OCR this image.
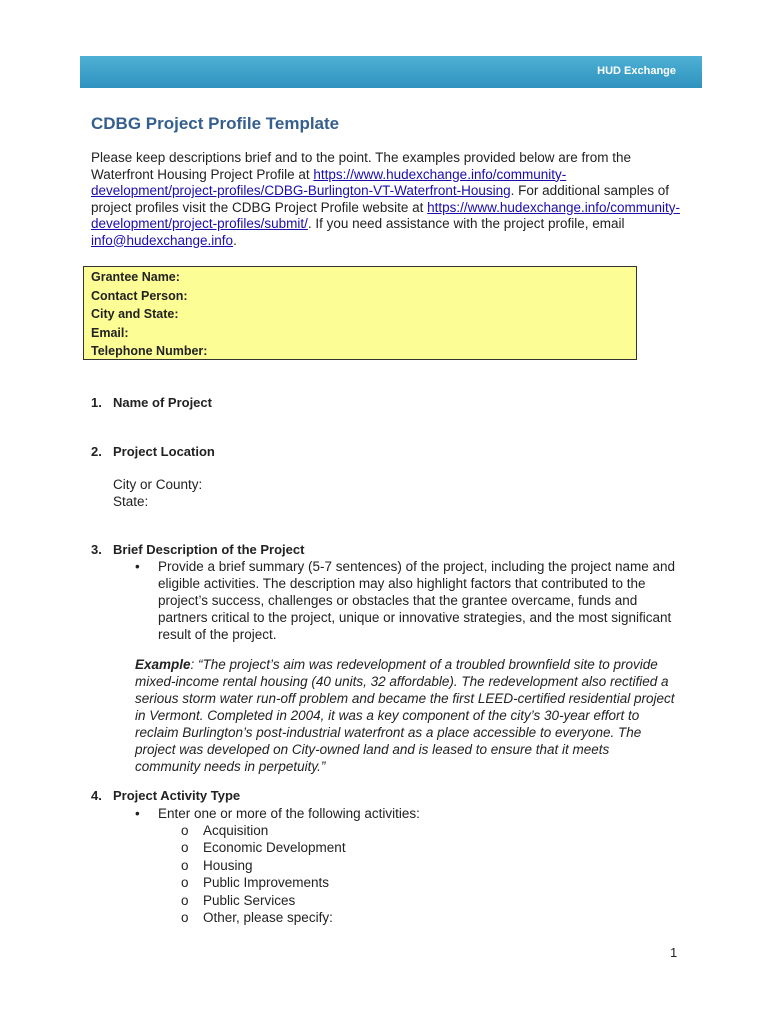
HUD Exchange
CDBG Project Profile Template
Please keep descriptions brief and to the point. The examples provided below are from the Waterfront Housing Project Profile at https://www.hudexchange.info/community-development/project-profiles/CDBG-Burlington-VT-Waterfront-Housing. For additional samples of project profiles visit the CDBG Project Profile website at https://www.hudexchange.info/community-development/project-profiles/submit/. If you need assistance with the project profile, email info@hudexchange.info.
Grantee Name:
Contact Person:
City and State:
Email:
Telephone Number:
1. Name of Project
2. Project Location
City or County:
State:
3. Brief Description of the Project
• Provide a brief summary (5-7 sentences) of the project, including the project name and eligible activities. The description may also highlight factors that contributed to the project’s success, challenges or obstacles that the grantee overcame, funds and partners critical to the project, unique or innovative strategies, and the most significant result of the project.
Example: “The project’s aim was redevelopment of a troubled brownfield site to provide mixed-income rental housing (40 units, 32 affordable). The redevelopment also rectified a serious storm water run-off problem and became the first LEED-certified residential project in Vermont. Completed in 2004, it was a key component of the city’s 30-year effort to reclaim Burlington’s post-industrial waterfront as a place accessible to everyone. The project was developed on City-owned land and is leased to ensure that it meets community needs in perpetuity.”
4. Project Activity Type
• Enter one or more of the following activities:
o Acquisition
o Economic Development
o Housing
o Public Improvements
o Public Services
o Other, please specify:
1
